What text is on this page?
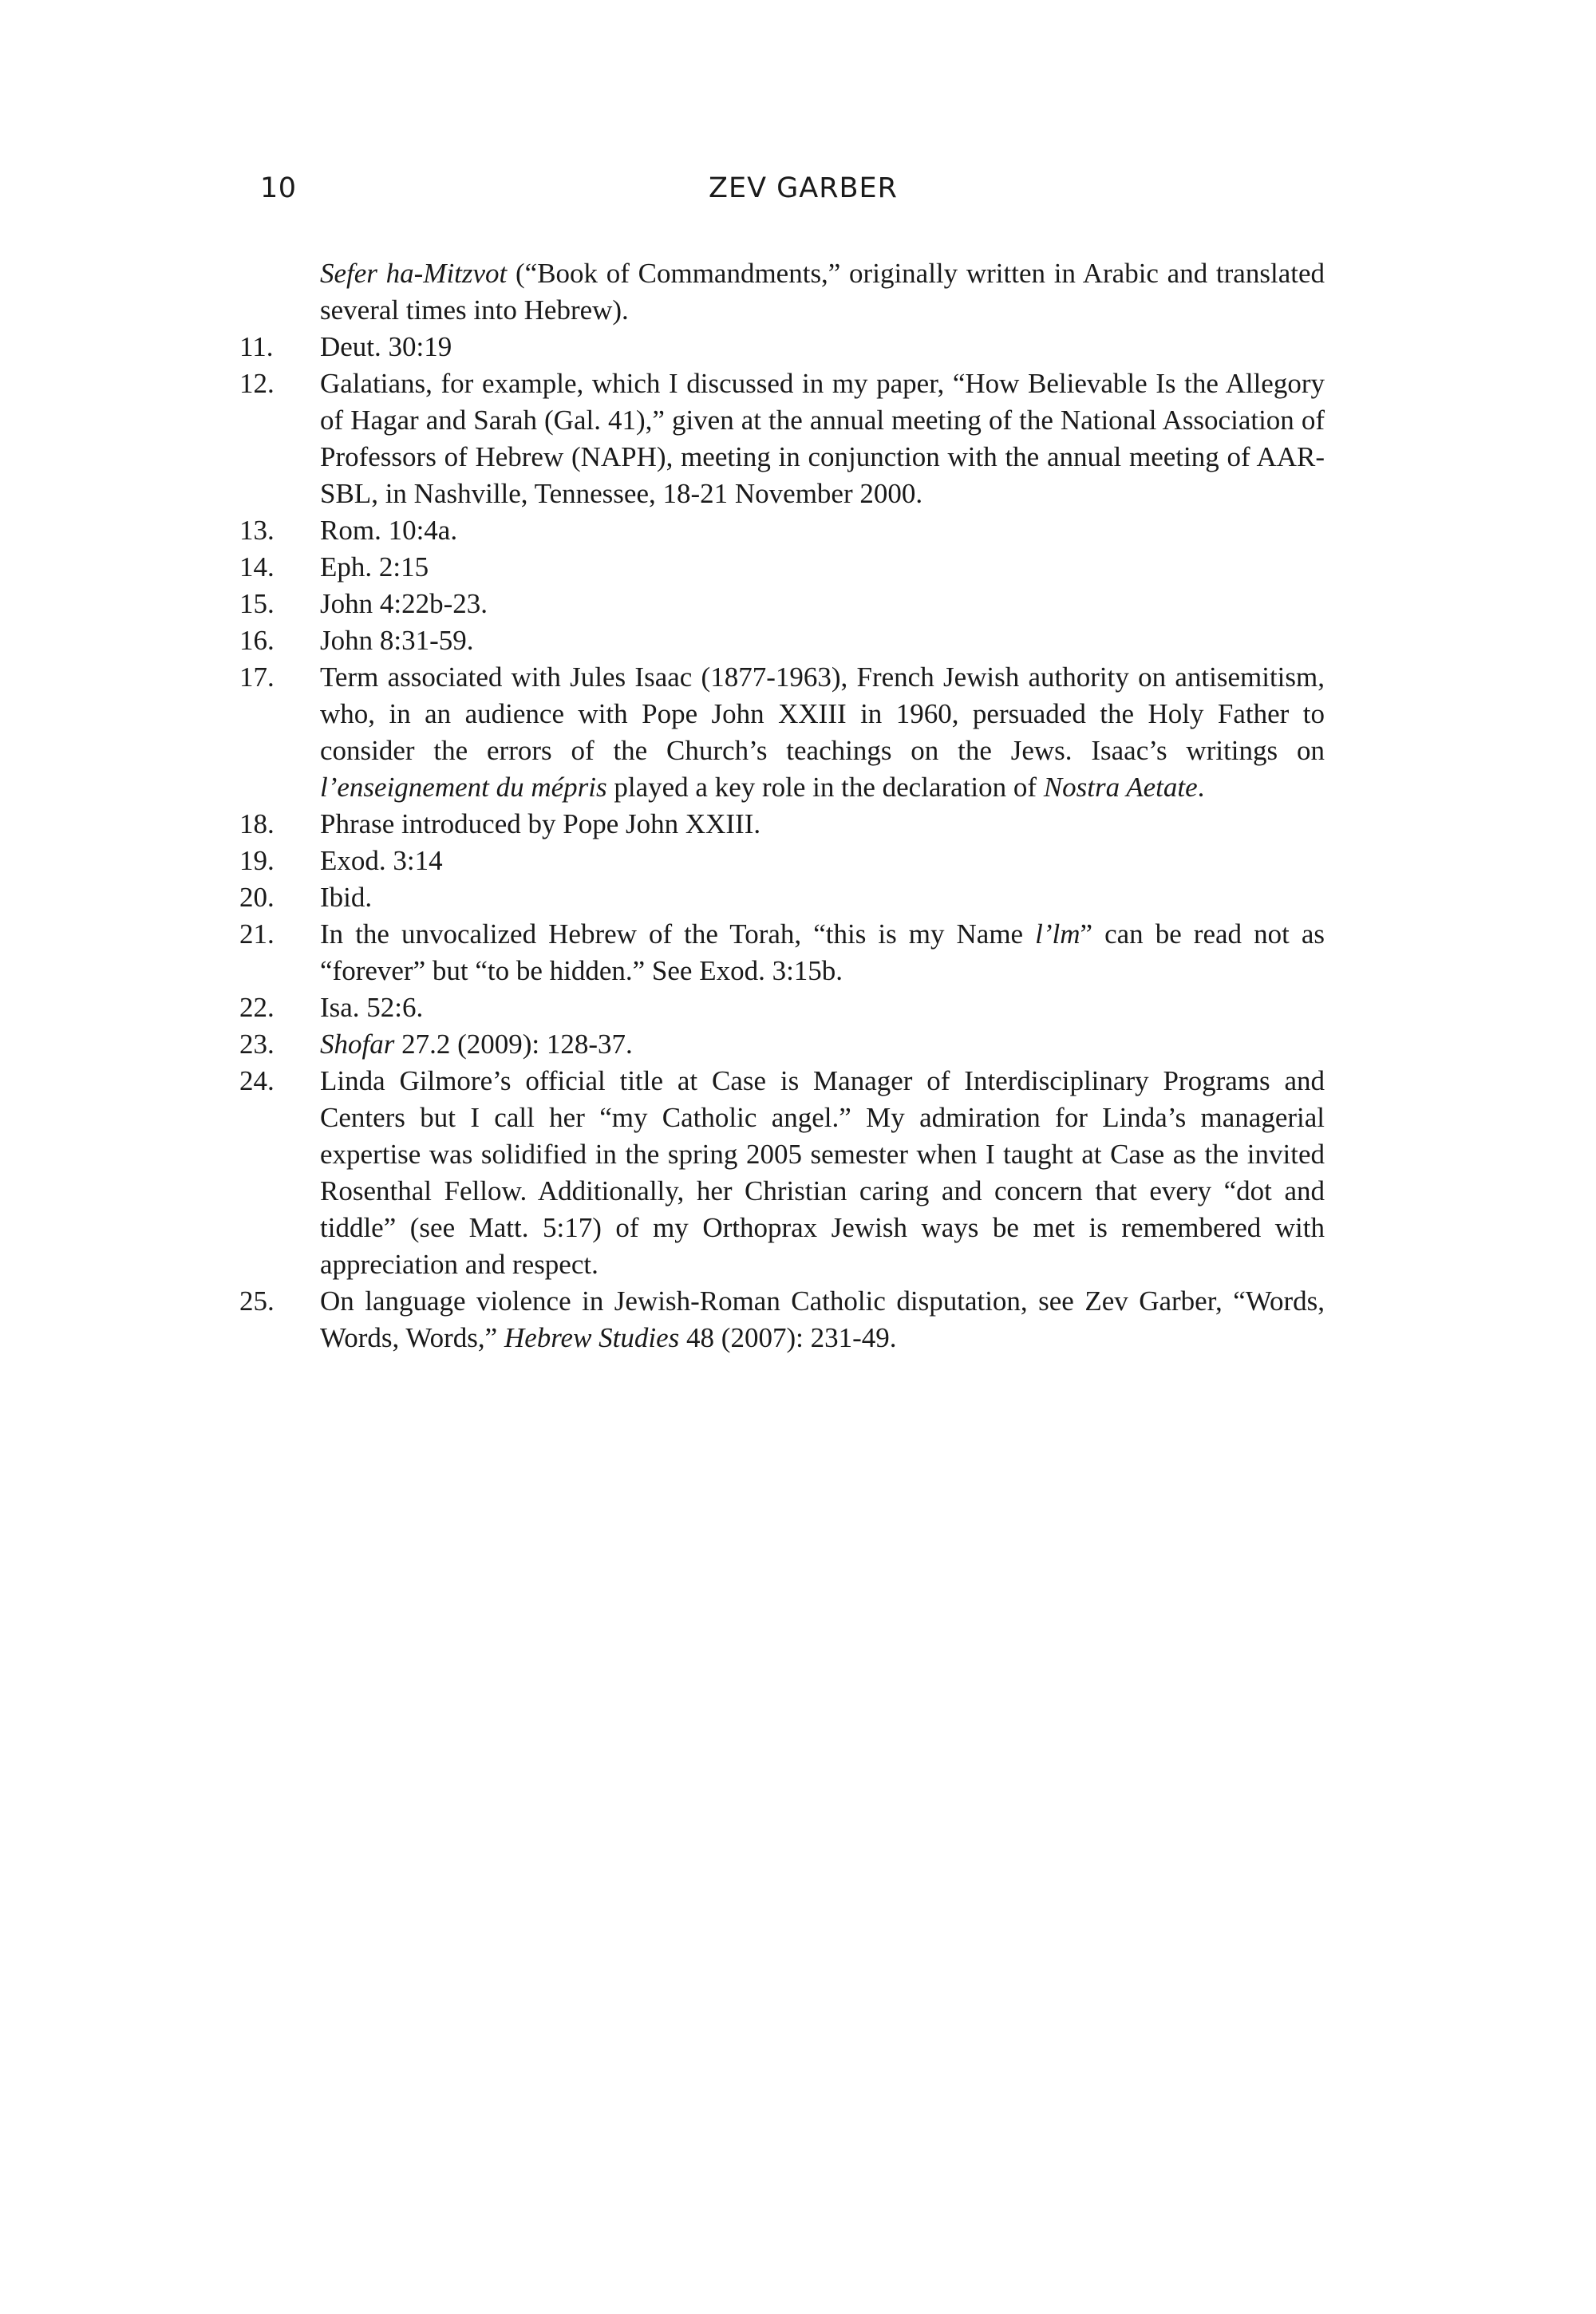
10	ZEV GARBER
Sefer ha-Mitzvot (“Book of Commandments,” originally written in Arabic and translated several times into Hebrew).
11.	Deut. 30:19
12.	Galatians, for example, which I discussed in my paper, “How Believable Is the Allegory of Hagar and Sarah (Gal. 41),” given at the annual meeting of the National Association of Professors of Hebrew (NAPH), meeting in conjunction with the annual meeting of AAR-SBL, in Nashville, Tennessee, 18-21 November 2000.
13.	Rom. 10:4a.
14.	Eph. 2:15
15.	John 4:22b-23.
16.	John 8:31-59.
17.	Term associated with Jules Isaac (1877-1963), French Jewish authority on antisemitism, who, in an audience with Pope John XXIII in 1960, persuaded the Holy Father to consider the errors of the Church’s teachings on the Jews. Isaac’s writings on l’enseignement du mépris played a key role in the declaration of Nostra Aetate.
18.	Phrase introduced by Pope John XXIII.
19.	Exod. 3:14
20.	Ibid.
21.	In the unvocalized Hebrew of the Torah, “this is my Name l’lm” can be read not as “forever” but “to be hidden.” See Exod. 3:15b.
22.	Isa. 52:6.
23.	Shofar 27.2 (2009): 128-37.
24.	Linda Gilmore’s official title at Case is Manager of Interdisciplinary Programs and Centers but I call her “my Catholic angel.” My admiration for Linda’s managerial expertise was solidified in the spring 2005 semester when I taught at Case as the invited Rosenthal Fellow. Additionally, her Christian caring and concern that every “dot and tiddle” (see Matt. 5:17) of my Orthoprax Jewish ways be met is remembered with appreciation and respect.
25.	On language violence in Jewish-Roman Catholic disputation, see Zev Garber, “Words, Words, Words,” Hebrew Studies 48 (2007): 231-49.
